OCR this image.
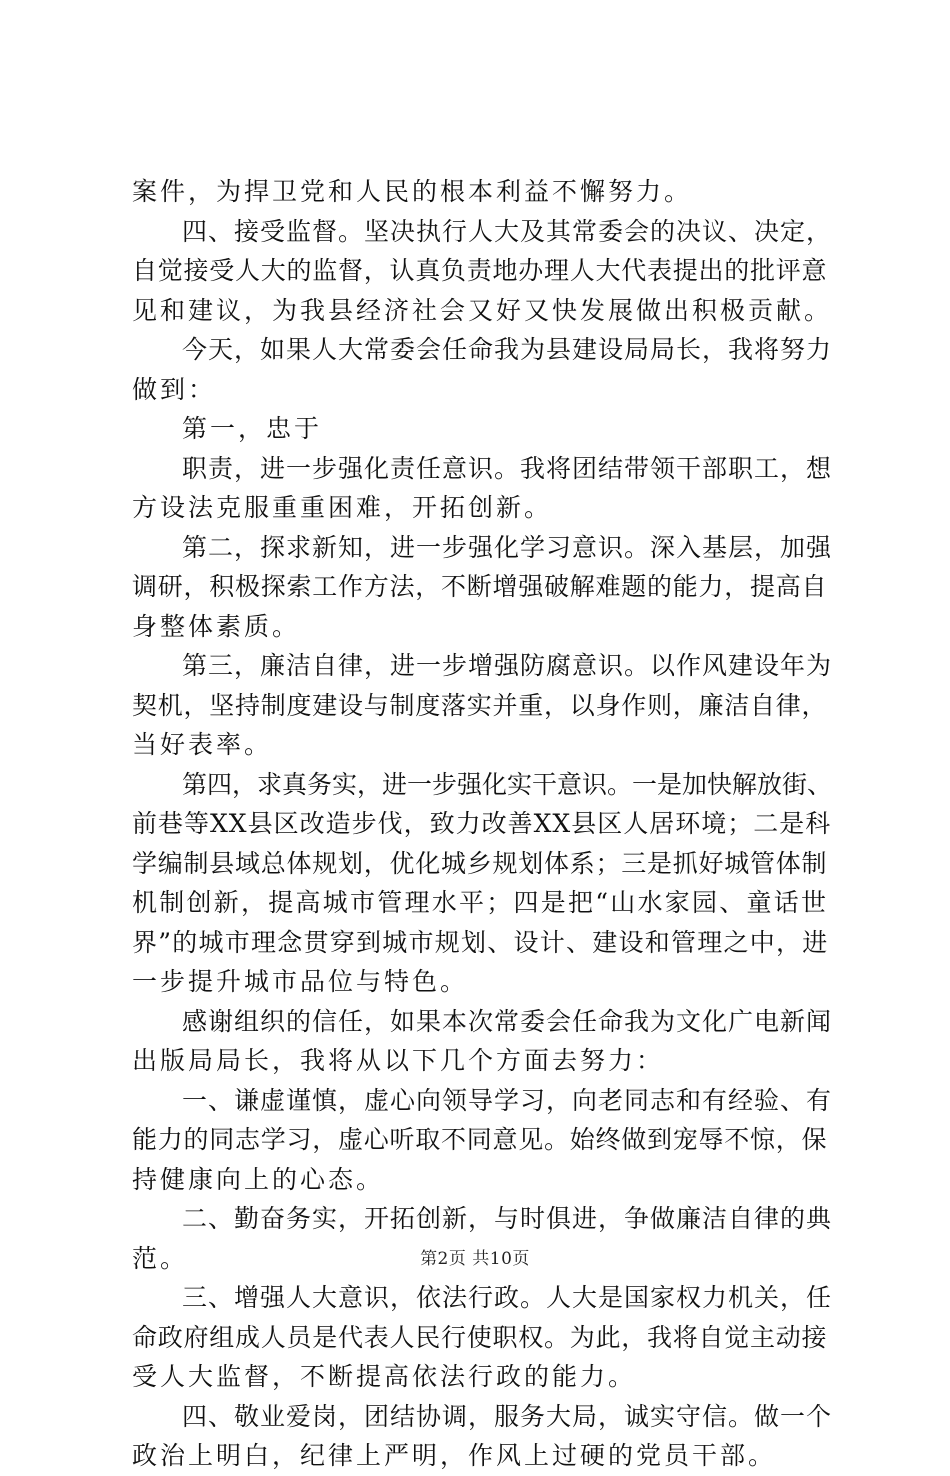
案件，为捍卫党和人民的根本利益不懈努力。
四、接受监督。坚决执行人大及其常委会的决议、决定，
自觉接受人大的监督，认真负责地办理人大代表提出的批评意
见和建议，为我县经济社会又好又快发展做出积极贡献。
今天，如果人大常委会任命我为县建设局局长，我将努力
做到：
第一，忠于
职责，进一步强化责任意识。我将团结带领干部职工，想
方设法克服重重困难，开拓创新。
第二，探求新知，进一步强化学习意识。深入基层，加强
调研，积极探索工作方法，不断增强破解难题的能力，提高自
身整体素质。
第三，廉洁自律，进一步增强防腐意识。以作风建设年为
契机，坚持制度建设与制度落实并重，以身作则，廉洁自律，
当好表率。
第四，求真务实，进一步强化实干意识。一是加快解放街、
前巷等XX县区改造步伐，致力改善XX县区人居环境；二是科
学编制县域总体规划，优化城乡规划体系；三是抓好城管体制
机制创新，提高城市管理水平；四是把“山水家园、童话世
界”的城市理念贯穿到城市规划、设计、建设和管理之中，进
一步提升城市品位与特色。
感谢组织的信任，如果本次常委会任命我为文化广电新闻
出版局局长，我将从以下几个方面去努力：
一、谦虚谨慎，虚心向领导学习，向老同志和有经验、有
能力的同志学习，虚心听取不同意见。始终做到宠辱不惊，保
持健康向上的心态。
二、勤奋务实，开拓创新，与时俱进，争做廉洁自律的典
范。
三、增强人大意识，依法行政。人大是国家权力机关，任
命政府组成人员是代表人民行使职权。为此，我将自觉主动接
受人大监督，不断提高依法行政的能力。
四、敬业爱岗，团结协调，服务大局，诚实守信。做一个
政治上明白，纪律上严明，作风上过硬的党员干部。
第2页 共10页
